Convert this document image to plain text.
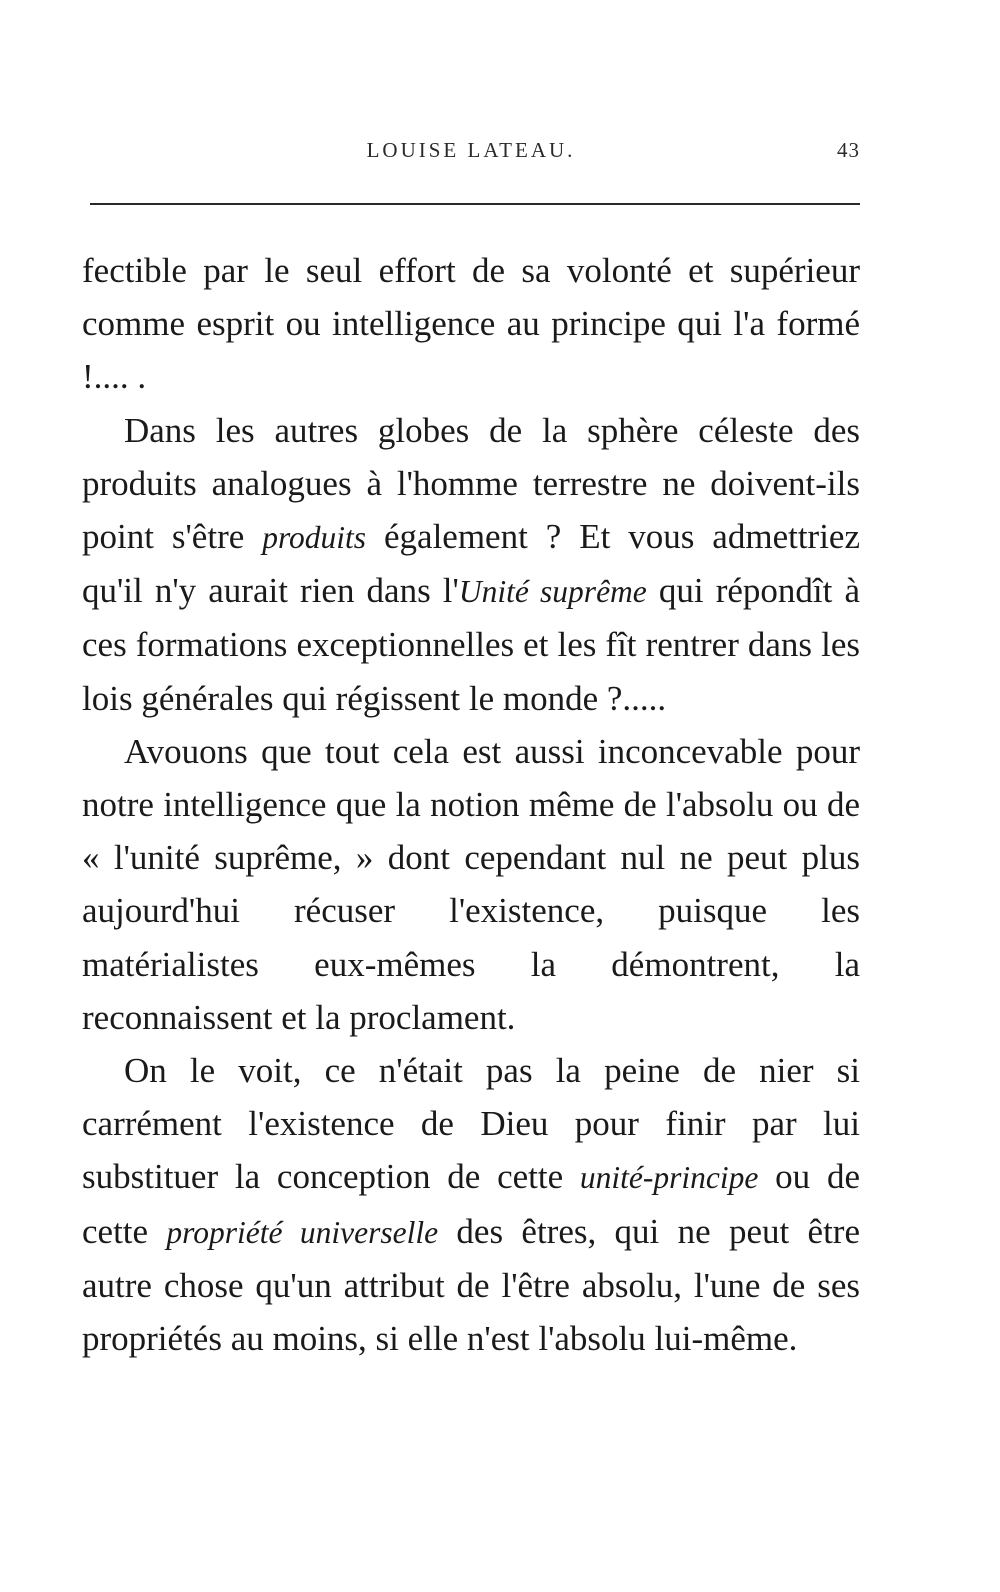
LOUISE LATEAU.	43

fectible par le seul effort de sa volonté et supérieur comme esprit ou intelligence au principe qui l'a formé !.... .

Dans les autres globes de la sphère céleste des produits analogues à l'homme terrestre ne doivent-ils point s'être produits également ? Et vous admettriez qu'il n'y aurait rien dans l'Unité suprême qui répondît à ces formations exceptionnelles et les fît rentrer dans les lois générales qui régissent le monde ?.....

Avouons que tout cela est aussi inconcevable pour notre intelligence que la notion même de l'absolu ou de « l'unité suprême, » dont cependant nul ne peut plus aujourd'hui récuser l'existence, puisque les matérialistes eux-mêmes la démontrent, la reconnaissent et la proclament.

On le voit, ce n'était pas la peine de nier si carrément l'existence de Dieu pour finir par lui substituer la conception de cette unité-principe ou de cette propriété universelle des êtres, qui ne peut être autre chose qu'un attribut de l'être absolu, l'une de ses propriétés au moins, si elle n'est l'absolu lui-même.
